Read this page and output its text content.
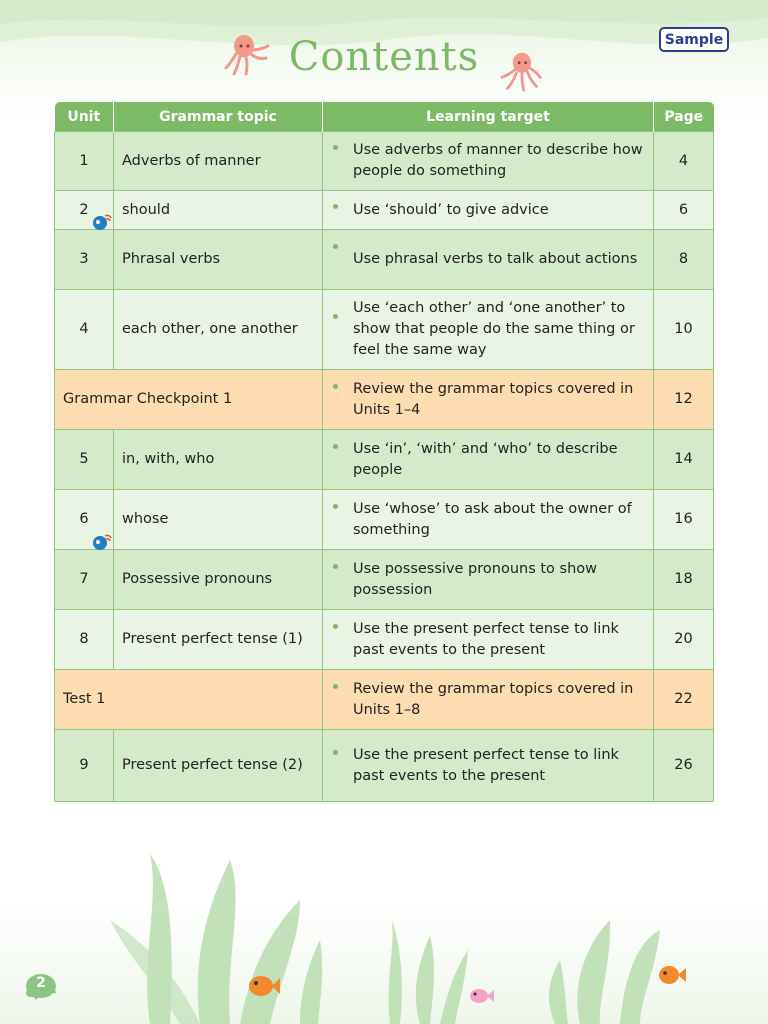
Sample
Contents
Unit	Grammar topic	Learning target	Page
1	Adverbs of manner	Use adverbs of manner to describe how people do something	4
2	should	Use ‘should’ to give advice	6
3	Phrasal verbs	Use phrasal verbs to talk about actions	8
4	each other, one another	Use ‘each other’ and ‘one another’ to show that people do the same thing or feel the same way	10
Grammar Checkpoint 1		Review the grammar topics covered in Units 1–4	12
5	in, with, who	Use ‘in’, ‘with’ and ‘who’ to describe people	14
6	whose	Use ‘whose’ to ask about the owner of something	16
7	Possessive pronouns	Use possessive pronouns to show possession	18
8	Present perfect tense (1)	Use the present perfect tense to link past events to the present	20
Test 1		Review the grammar topics covered in Units 1–8	22
9	Present perfect tense (2)	Use the present perfect tense to link past events to the present	26
2
